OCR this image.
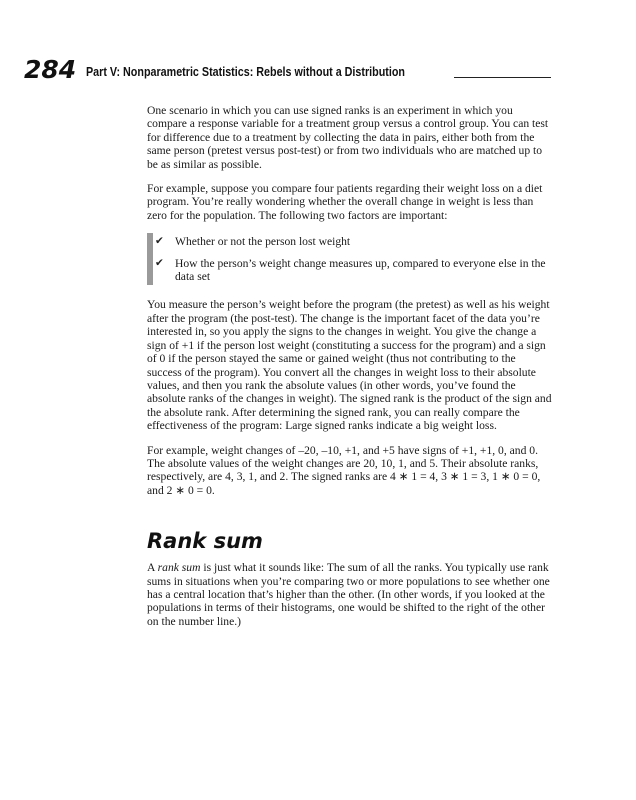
284 Part V: Nonparametric Statistics: Rebels without a Distribution

One scenario in which you can use signed ranks is an experiment in which you compare a response variable for a treatment group versus a control group. You can test for difference due to a treatment by collecting the data in pairs, either both from the same person (pretest versus post-test) or from two individuals who are matched up to be as similar as possible.

For example, suppose you compare four patients regarding their weight loss on a diet program. You’re really wondering whether the overall change in weight is less than zero for the population. The following two factors are important:

✔ Whether or not the person lost weight
✔ How the person’s weight change measures up, compared to everyone else in the data set

You measure the person’s weight before the program (the pretest) as well as his weight after the program (the post-test). The change is the important facet of the data you’re interested in, so you apply the signs to the changes in weight. You give the change a sign of +1 if the person lost weight (constituting a success for the program) and a sign of 0 if the person stayed the same or gained weight (thus not contributing to the success of the program). You convert all the changes in weight loss to their absolute values, and then you rank the absolute values (in other words, you’ve found the absolute ranks of the changes in weight). The signed rank is the product of the sign and the absolute rank. After determining the signed rank, you can really compare the effectiveness of the program: Large signed ranks indicate a big weight loss.

For example, weight changes of –20, –10, +1, and +5 have signs of +1, +1, 0, and 0. The absolute values of the weight changes are 20, 10, 1, and 5. Their absolute ranks, respectively, are 4, 3, 1, and 2. The signed ranks are 4 ∗ 1 = 4, 3 ∗ 1 = 3, 1 ∗ 0 = 0, and 2 ∗ 0 = 0.

Rank sum

A rank sum is just what it sounds like: The sum of all the ranks. You typically use rank sums in situations when you’re comparing two or more populations to see whether one has a central location that’s higher than the other. (In other words, if you looked at the populations in terms of their histograms, one would be shifted to the right of the other on the number line.)
